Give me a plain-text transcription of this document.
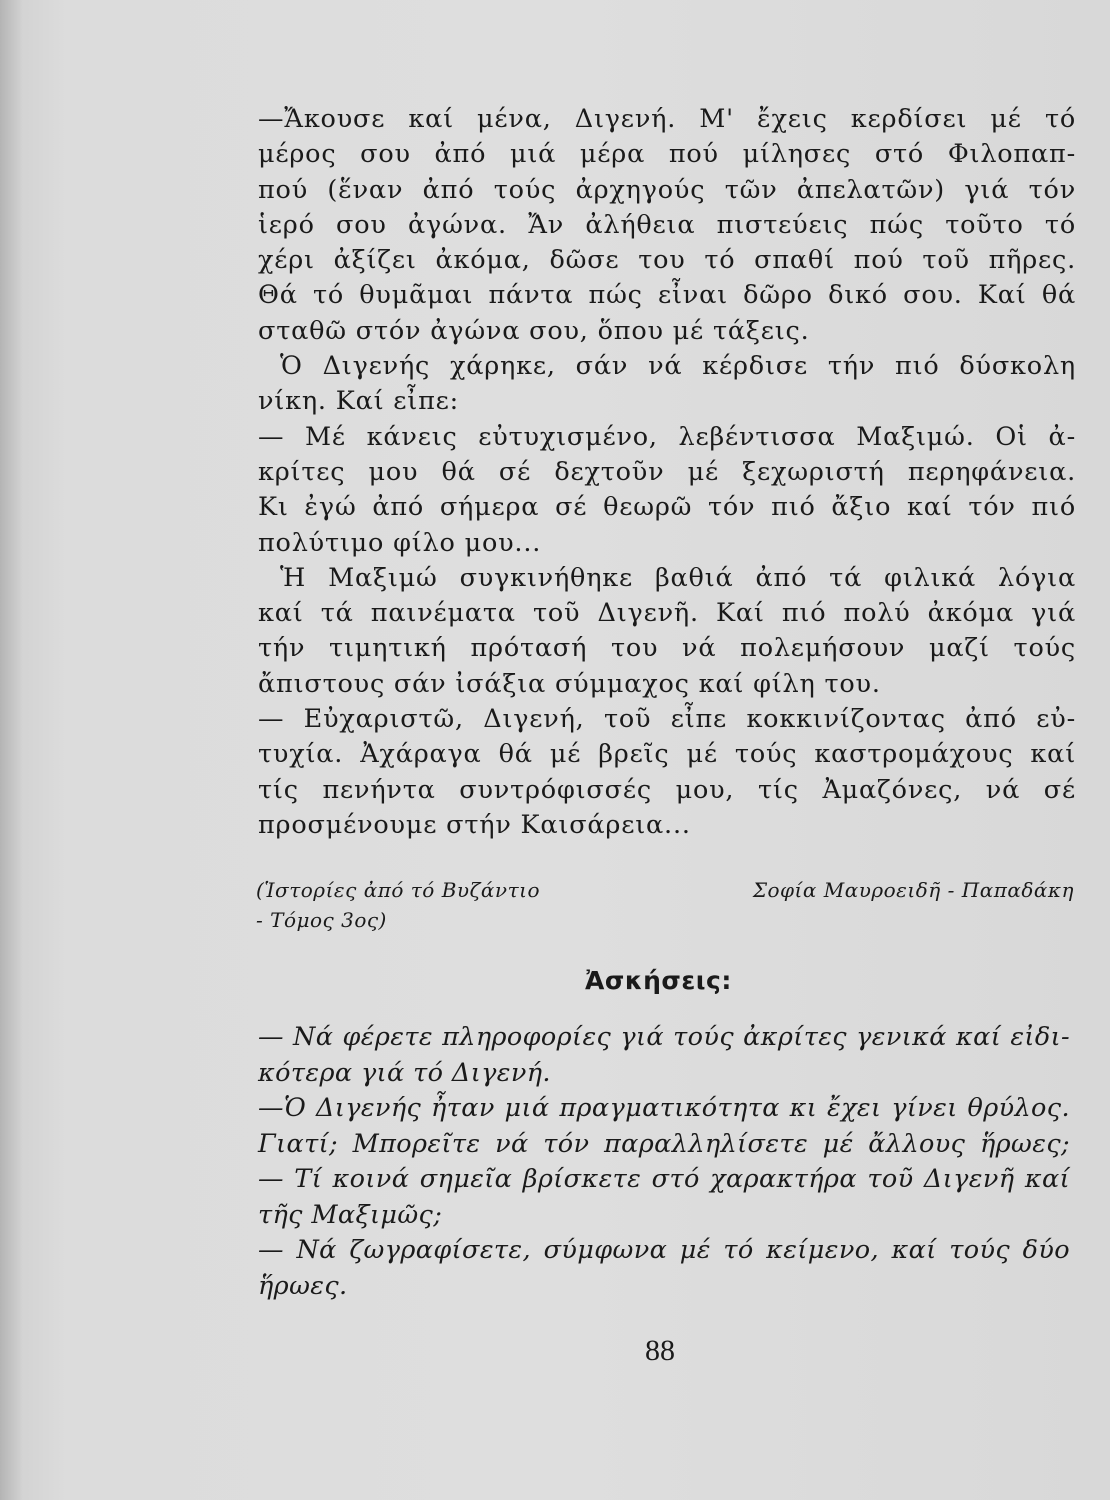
—Ἄκουσε καί μένα, Διγενή. Μ' ἔχεις κερδίσει μέ τό
μέρος σου ἀπό μιά μέρα πού μίλησες στό Φιλοπαπ-
πού (ἕναν ἀπό τούς ἀρχηγούς τῶν ἀπελατῶν) γιά τόν
ἱερό σου ἀγώνα. Ἄν ἀλήθεια πιστεύεις πώς τοῦτο τό
χέρι ἀξίζει ἀκόμα, δῶσε του τό σπαθί πού τοῦ πῆρες.
Θά τό θυμᾶμαι πάντα πώς εἶναι δῶρο δικό σου. Καί θά
σταθῶ στόν ἀγώνα σου, ὅπου μέ τάξεις.
Ὁ Διγενής χάρηκε, σάν νά κέρδισε τήν πιό δύσκολη
νίκη. Καί εἶπε:
— Μέ κάνεις εὐτυχισμένο, λεβέντισσα Μαξιμώ. Οἱ ἀ-
κρίτες μου θά σέ δεχτοῦν μέ ξεχωριστή περηφάνεια.
Κι ἐγώ ἀπό σήμερα σέ θεωρῶ τόν πιό ἄξιο καί τόν πιό
πολύτιμο φίλο μου...
Ἡ Μαξιμώ συγκινήθηκε βαθιά ἀπό τά φιλικά λόγια
καί τά παινέματα τοῦ Διγενῆ. Καί πιό πολύ ἀκόμα γιά
τήν τιμητική πρότασή του νά πολεμήσουν μαζί τούς
ἄπιστους σάν ἰσάξια σύμμαχος καί φίλη του.
— Εὐχαριστῶ, Διγενή, τοῦ εἶπε κοκκινίζοντας ἀπό εὐ-
τυχία. Ἀχάραγα θά μέ βρεῖς μέ τούς καστρομάχους καί
τίς πενήντα συντρόφισσές μου, τίς Ἀμαζόνες, νά σέ
προσμένουμε στήν Καισάρεια...
(Ἱστορίες ἀπό τό Βυζάντιο	Σοφία Μαυροειδῆ - Παπαδάκη
- Τόμος 3ος)
Ἀσκήσεις:
— Νά φέρετε πληροφορίες γιά τούς ἀκρίτες γενικά καί εἰδι-
κότερα γιά τό Διγενή.
—Ὁ Διγενής ἦταν μιά πραγματικότητα κι ἔχει γίνει θρύλος.
Γιατί; Μπορεῖτε νά τόν παραλληλίσετε μέ ἄλλους ἥρωες;
— Τί κοινά σημεῖα βρίσκετε στό χαρακτήρα τοῦ Διγενῆ καί
τῆς Μαξιμῶς;
— Νά ζωγραφίσετε, σύμφωνα μέ τό κείμενο, καί τούς δύο
ἥρωες.
88
